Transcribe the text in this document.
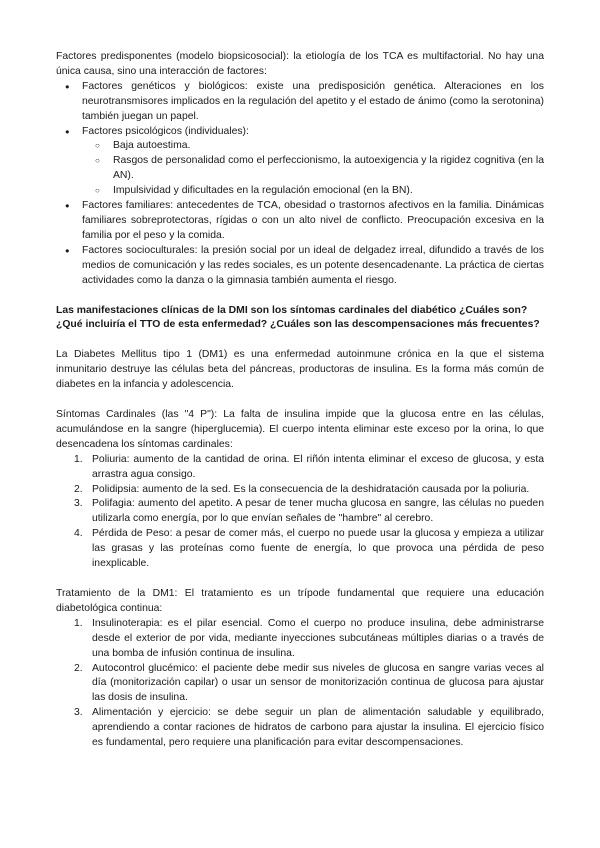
Factores predisponentes (modelo biopsicosocial): la etiología de los TCA es multifactorial. No hay una única causa, sino una interacción de factores:

● Factores genéticos y biológicos: existe una predisposición genética. Alteraciones en los neurotransmisores implicados en la regulación del apetito y el estado de ánimo (como la serotonina) también juegan un papel.
● Factores psicológicos (individuales):
○ Baja autoestima.
○ Rasgos de personalidad como el perfeccionismo, la autoexigencia y la rigidez cognitiva (en la AN).
○ Impulsividad y dificultades en la regulación emocional (en la BN).
● Factores familiares: antecedentes de TCA, obesidad o trastornos afectivos en la familia. Dinámicas familiares sobreprotectoras, rígidas o con un alto nivel de conflicto. Preocupación excesiva en la familia por el peso y la comida.
● Factores socioculturales: la presión social por un ideal de delgadez irreal, difundido a través de los medios de comunicación y las redes sociales, es un potente desencadenante. La práctica de ciertas actividades como la danza o la gimnasia también aumenta el riesgo.

Las manifestaciones clínicas de la DMI son los síntomas cardinales del diabético ¿Cuáles son? ¿Qué incluiría el TTO de esta enfermedad? ¿Cuáles son las descompensaciones más frecuentes?

La Diabetes Mellitus tipo 1 (DM1) es una enfermedad autoinmune crónica en la que el sistema inmunitario destruye las células beta del páncreas, productoras de insulina. Es la forma más común de diabetes en la infancia y adolescencia.

Síntomas Cardinales (las "4 P"): La falta de insulina impide que la glucosa entre en las células, acumulándose en la sangre (hiperglucemia). El cuerpo intenta eliminar este exceso por la orina, lo que desencadena los síntomas cardinales:

1. Poliuria: aumento de la cantidad de orina. El riñón intenta eliminar el exceso de glucosa, y esta arrastra agua consigo.
2. Polidipsia: aumento de la sed. Es la consecuencia de la deshidratación causada por la poliuria.
3. Polifagia: aumento del apetito. A pesar de tener mucha glucosa en sangre, las células no pueden utilizarla como energía, por lo que envían señales de "hambre" al cerebro.
4. Pérdida de Peso: a pesar de comer más, el cuerpo no puede usar la glucosa y empieza a utilizar las grasas y las proteínas como fuente de energía, lo que provoca una pérdida de peso inexplicable.

Tratamiento de la DM1: El tratamiento es un trípode fundamental que requiere una educación diabetológica continua:

1. Insulinoterapia: es el pilar esencial. Como el cuerpo no produce insulina, debe administrarse desde el exterior de por vida, mediante inyecciones subcutáneas múltiples diarias o a través de una bomba de infusión continua de insulina.
2. Autocontrol glucémico: el paciente debe medir sus niveles de glucosa en sangre varias veces al día (monitorización capilar) o usar un sensor de monitorización continua de glucosa para ajustar las dosis de insulina.
3. Alimentación y ejercicio: se debe seguir un plan de alimentación saludable y equilibrado, aprendiendo a contar raciones de hidratos de carbono para ajustar la insulina. El ejercicio físico es fundamental, pero requiere una planificación para evitar descompensaciones.
